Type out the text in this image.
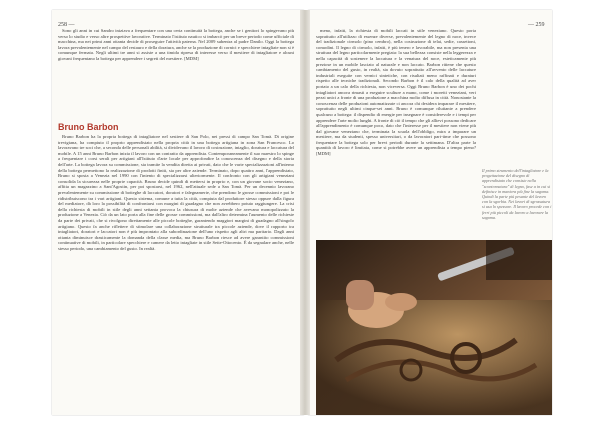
258 —	— 259

Sono gli anni in cui Sandro iniziava a frequentare con una certa continuità la bottega, anche se i genitori lo spingevano più verso lo studio e verso altre prospettive lavorative. Terminato l'istituto nautico si imbarcò per un breve periodo come ufficiale di macchina, ma nei primi anni ottanta decide di proseguire l'attività paterna. Nel 2009 subentra al padre Danilo. Oggi la bottega lavora prevalentemente nel campo del restauro e della doratura, anche se la produzione di cornici e specchiere intagliate non si è comunque fermata. Negli ultimi tre anni si assiste a una timida ripresa di interesse verso il mestiere di intagliatore e alcuni giovani frequentano la bottega per apprendere i segreti del mestiere. [MDM]

Bruno Barbon

Bruno Barbon ha la propria bottega di intagliatore nel sestiere di San Polo, nei pressi di campo San Tomà. Di origine trevigiana, ha compiuto il proprio apprendistato nella propria città in una bottega artigiana in zona San Francesco. Lo lavoravano tre soci che, a seconda delle personali abilità, si dividevano il lavoro di costruzione, intaglio, doratura e laccatura del mobile. A 15 anni Bruno Barbon inizia il lavoro con un contratto da apprendista. Contemporaneamente il suo maestro lo spinge a frequentare i corsi serali per artigiani all'Istituto d'arte locale per approfondire la conoscenza del disegno e della storia dell'arte. La bottega lavora su commissione, sia tramite la vendita diretta ai privati, dato che le varie specializzazioni all'interno della bottega permettono la realizzazione di prodotti finiti, sia per altre aziende. Terminato, dopo quattro anni, l'apprendistato, Bruno si sposta a Venezia nel 1990 con l'intento di specializzarsi ulteriormente. Il confronto con gli artigiani veneziani consolida la sicurezza nelle proprie capacità. Bruno decide quindi di mettersi in proprio e, con un giovane socio veneziano, affitta un magazzino a Sant'Agostin, per poi spostarsi, nel 1962, nell'attuale sede a San Tomà. Per un decennio lavorano prevalentemente su commissione di botteghe di laccatori, doratori e falegnamerie, che prendono le grosse commissioni e poi le ridistribuiscono tra i vari artigiani. Questo sistema, comune a tutta la città, compiuta dal produttore stesso oppure dalla figura del mediatore, dà loro la possibilità di confrontarsi con margini di guadagno che non avrebbero potuto raggiungere. La crisi della richiesta di mobili in stile degli anni settanta provoca la chiusura di molte aziende che avevano monopolizzato la produzione a Venezia. Ciò da un lato porta alla fine delle grosse commissioni, ma dall'altro determina l'aumento delle richieste da parte dei privati, che si rivolgono direttamente alle piccole botteghe, garantendo maggiori margini di guadagno all'singolo artigiano. Questo fa anche riflettere di stimolare una collaborazione strutturale tra piccole aziende, dove il rapporto tra intagliatori, doratori e laccatori non è più improntato alla subordinazione dell'uno rispetto agli altri ma paritario. Dagli anni ottanta diminuisce drasticamente la domanda della classe media, ma Bruno Barbon riesce ad avere garantito commissioni continuative di mobili, in particolare specchiere e camere da letto intagliate in stile Sette-Ottocento. È da segnalare anche, nelle stesso periodo, una cambiamento del gusto. In realtà.

meno, infatti, la richiesta di mobili laccati in stile veneziano. Questo porta soprattutto all'utilizzo di essenze diverse, prevalentemente del legno di noce, invece del tradizionale cirmolo (pino cembro), nella costruzione di telai, sedie, cassettoni, comodini. Il legno di cirmolo, infatti, è più tenero e lavorabile, ma non presenta una struttura del legno particolarmente pregiata: la sua bellezza consiste nella leggerezza e nella capacità di sostenere la laccatura e la venatura del noce, esteticamente più preziose in un mobile lasciato al naturale e non laccato. Barbon ritiene che questo cambiamento del gusto, in realtà, sia dovuto soprattutto all'avvento delle laccature industriali eseguite con vernici sintetiche, con risultati meno raffinati e duraturi rispetto alle tecniche tradizionali. Secondo Barbon è il calo della qualità ad aver portato a un calo della richiesta, non viceversa. Oggi Bruno Barbon è uno dei pochi intagliatori ancora rimasti a eseguire sculture a mano, come i moretti veneziani, veri pezzi unici a fronte di una produzione a macchina molto diffusa in città. Nonostante la conoscenza delle produzioni automatizzate ci ancora chi desidera imparare il mestiere, soprattutto negli ultimi cinque-sei anni. Bruno è comunque riluttante a prendere qualcuno a bottega: il dispendio di energie per insegnare è considerevole e i tempi per apprendere l'arte molto lunghi. A fronte di ciò il tempo che gli allievi possono dedicare all'apprendimento è comunque poco, dato che l'interesse per il mestiere non viene più dal giovane veneziano che, terminata la scuola dell'obbligo, mira a imparare un mestiere, ma da studenti, spesso universitari, o da lavoratori part-time che possono frequentare la bottega solo per brevi periodi durante la settimana. D'altra parte la quantità di lavoro è limitata, come si potrebbe avere un apprendista a tempo pieno? [MDM]

Il primo strumento dell'intagliatore e la progettazione del disegno di apprendistato che consiste nella "scontornatura" di legno, fase a in cui si definisce in maniera più fine la sagoma. Quindi la parte più pesante del lavoro con la sgorbia. Nei lavori di sgrossatura si usa lo spessore. Il lavoro procede con i ferri più piccoli da lavoro a lavorare la sagoma.
